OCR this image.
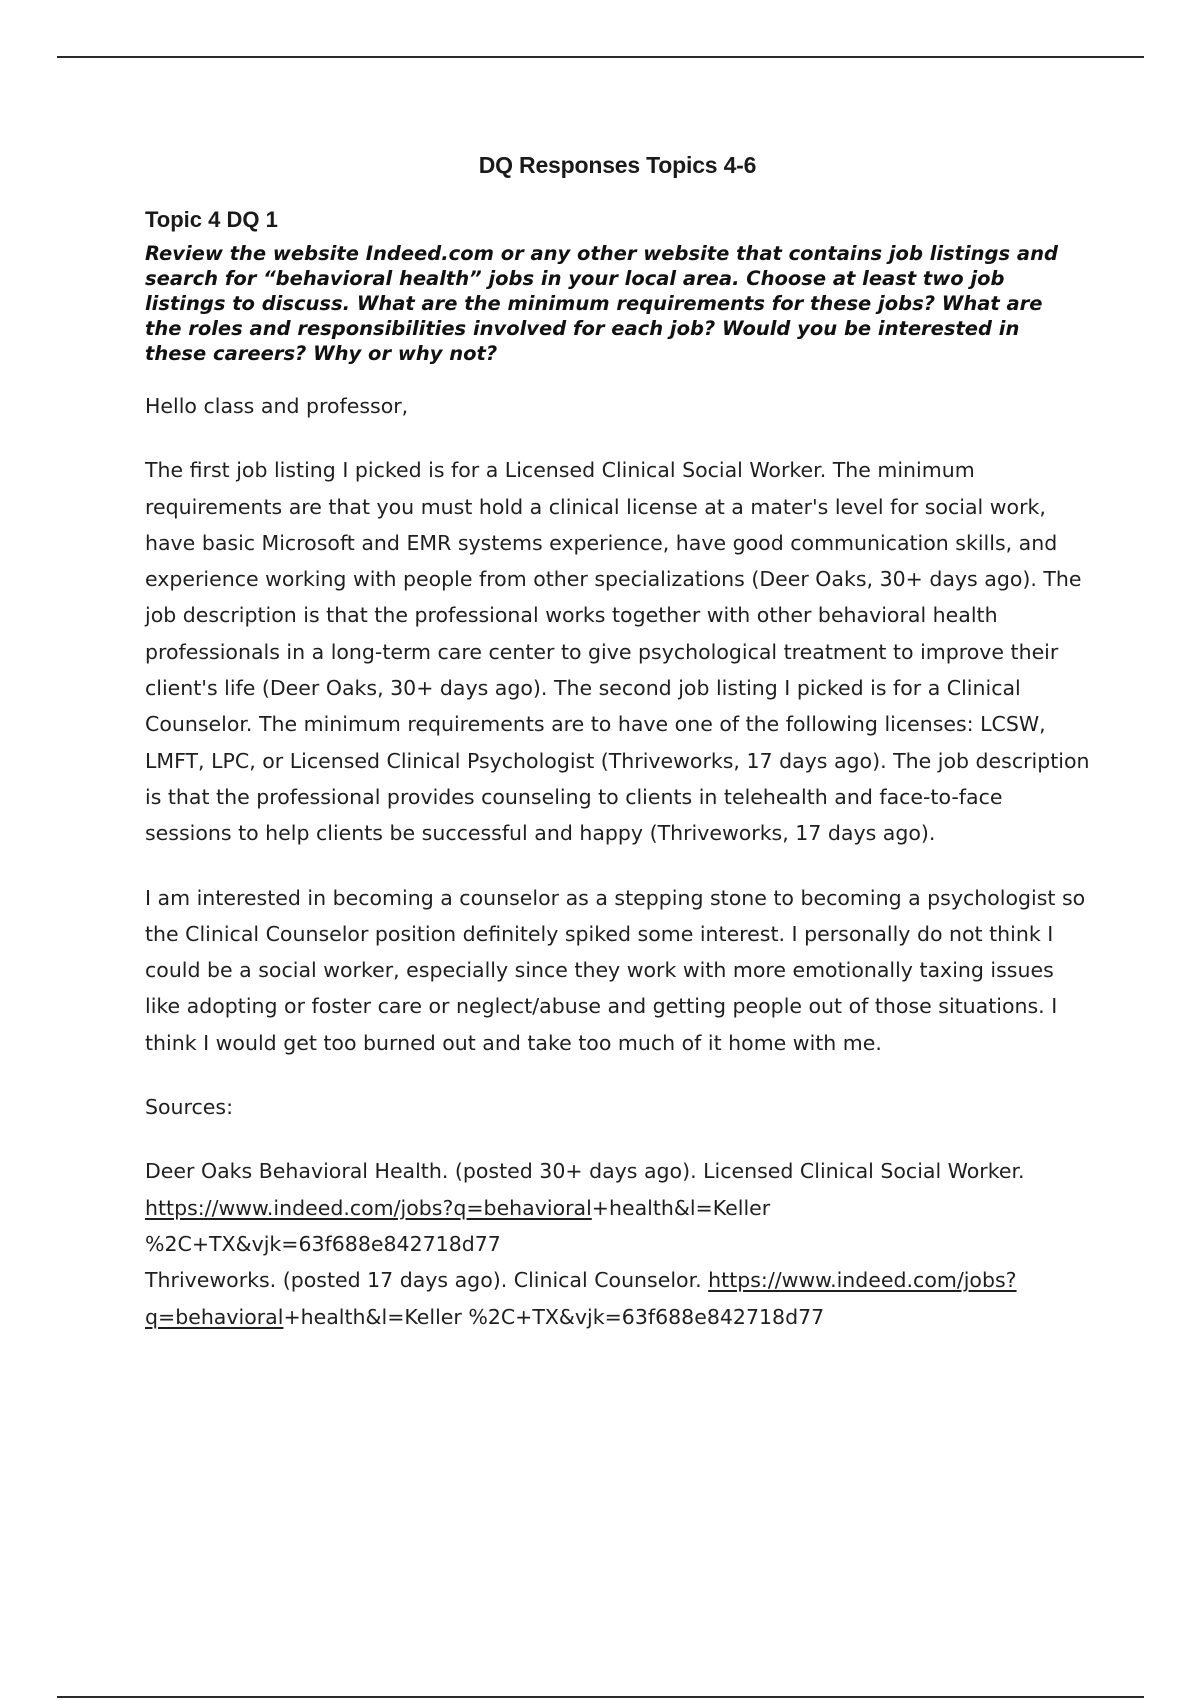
DQ Responses Topics 4-6
Topic 4 DQ 1
Review the website Indeed.com or any other website that contains job listings and search for “behavioral health” jobs in your local area. Choose at least two job listings to discuss. What are the minimum requirements for these jobs? What are the roles and responsibilities involved for each job? Would you be interested in these careers? Why or why not?

Hello class and professor,

The first job listing I picked is for a Licensed Clinical Social Worker. The minimum requirements are that you must hold a clinical license at a mater's level for social work, have basic Microsoft and EMR systems experience, have good communication skills, and experience working with people from other specializations (Deer Oaks, 30+ days ago). The job description is that the professional works together with other behavioral health professionals in a long-term care center to give psychological treatment to improve their client's life (Deer Oaks, 30+ days ago). The second job listing I picked is for a Clinical Counselor. The minimum requirements are to have one of the following licenses: LCSW, LMFT, LPC, or Licensed Clinical Psychologist (Thriveworks, 17 days ago). The job description is that the professional provides counseling to clients in telehealth and face-to-face sessions to help clients be successful and happy (Thriveworks, 17 days ago).

I am interested in becoming a counselor as a stepping stone to becoming a psychologist so the Clinical Counselor position definitely spiked some interest. I personally do not think I could be a social worker, especially since they work with more emotionally taxing issues like adopting or foster care or neglect/abuse and getting people out of those situations. I think I would get too burned out and take too much of it home with me.

Sources:

Deer Oaks Behavioral Health. (posted 30+ days ago). Licensed Clinical Social Worker. https://www.indeed.com/jobs?q=behavioral+health&l=Keller %2C+TX&vjk=63f688e842718d77
Thriveworks. (posted 17 days ago). Clinical Counselor. https://www.indeed.com/jobs? q=behavioral+health&l=Keller %2C+TX&vjk=63f688e842718d77
